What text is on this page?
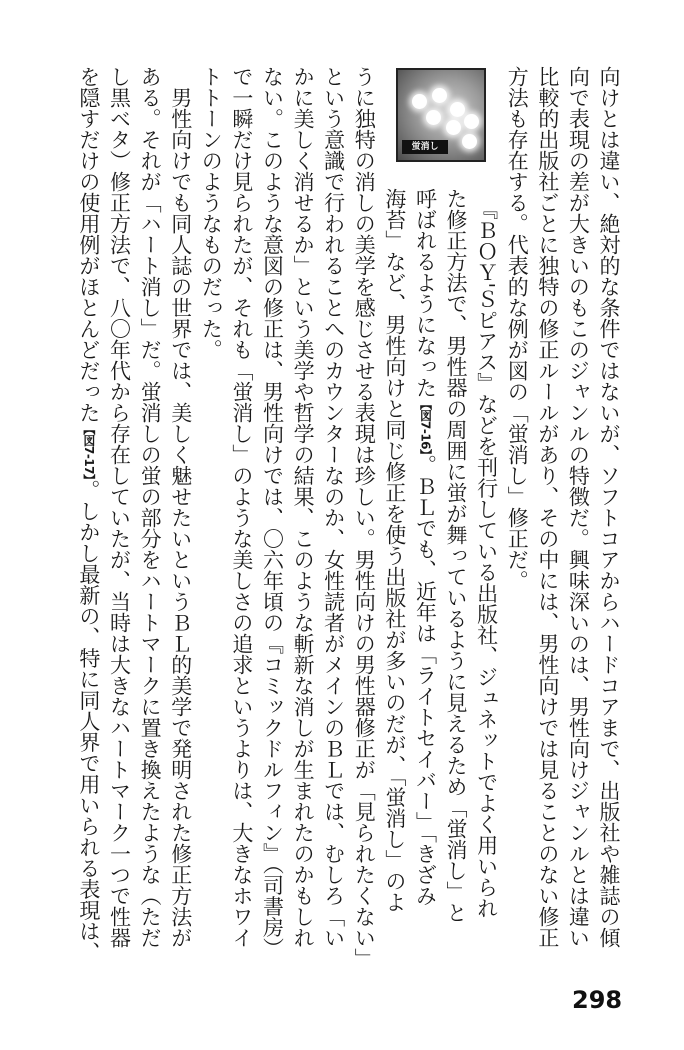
蛍消し	向けとは違い、絶対的な条件ではないが、ソフトコアからハードコアまで、出版社や雑誌の傾
向で表現の差が大きいのもこのジャンルの特徴だ。興味深いのは、男性向けジャンルとは違い
比較的出版社ごとに独特の修正ルールがあり、その中には、男性向けでは見ることのない修正
方法も存在する。代表的な例が図の「蛍消し」修正だ。
　『ＢＯＹ'Ｓピアス』などを刊行している出版社、ジュネットでよく用いられ
た修正方法で、男性器の周囲に蛍が舞っているように見えるため「蛍消し」と
呼ばれるようになった【図7-16】。ＢＬでも、近年は「ライトセイバー」「きざみ
海苔」など、男性向けと同じ修正を使う出版社が多いのだが、「蛍消し」のよ
うに独特の消しの美学を感じさせる表現は珍しい。男性向けの男性器修正が「見られたくない」
という意識で行われることへのカウンターなのか、女性読者がメインのＢＬでは、むしろ「い
かに美しく消せるか」という美学や哲学の結果、このような斬新な消しが生まれたのかもしれ
ない。このような意図の修正は、男性向けでは、〇六年頃の『コミックドルフィン』（司書房）
で一瞬だけ見られたが、それも「蛍消し」のような美しさの追求というよりは、大きなホワイ
トトーンのようなものだった。
　男性向けでも同人誌の世界では、美しく魅せたいというＢＬ的美学で発明された修正方法が
ある。それが「ハート消し」だ。蛍消しの蛍の部分をハートマークに置き換えたような（ただ
し黒ベタ）修正方法で、八〇年代から存在していたが、当時は大きなハートマーク一つで性器
を隠すだけの使用例がほとんどだった【図7-17】。しかし最新の、特に同人界で用いられる表現は、
298
